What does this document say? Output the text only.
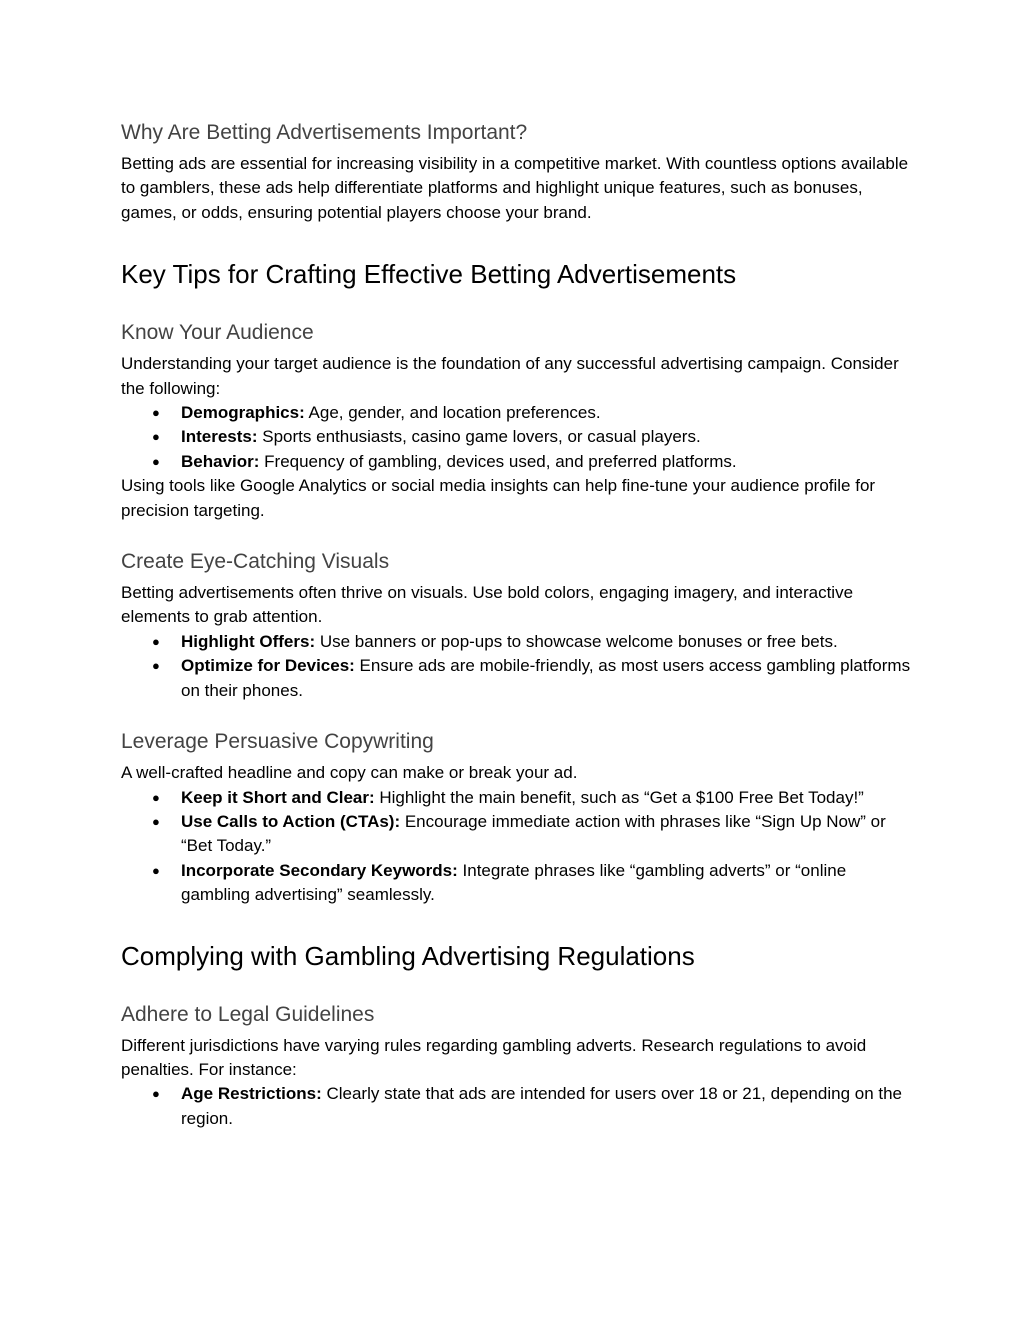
Why Are Betting Advertisements Important?

Betting ads are essential for increasing visibility in a competitive market. With countless options available to gamblers, these ads help differentiate platforms and highlight unique features, such as bonuses, games, or odds, ensuring potential players choose your brand.

Key Tips for Crafting Effective Betting Advertisements
Know Your Audience

Understanding your target audience is the foundation of any successful advertising campaign. Consider the following:

● Demographics: Age, gender, and location preferences.
● Interests: Sports enthusiasts, casino game lovers, or casual players.
● Behavior: Frequency of gambling, devices used, and preferred platforms.

Using tools like Google Analytics or social media insights can help fine-tune your audience profile for precision targeting.

Create Eye-Catching Visuals

Betting advertisements often thrive on visuals. Use bold colors, engaging imagery, and interactive elements to grab attention.

● Highlight Offers: Use banners or pop-ups to showcase welcome bonuses or free bets.
● Optimize for Devices: Ensure ads are mobile-friendly, as most users access gambling platforms on their phones.
Leverage Persuasive Copywriting

A well-crafted headline and copy can make or break your ad.

● Keep it Short and Clear: Highlight the main benefit, such as “Get a $100 Free Bet Today!”
● Use Calls to Action (CTAs): Encourage immediate action with phrases like “Sign Up Now” or “Bet Today.”
● Incorporate Secondary Keywords: Integrate phrases like “gambling adverts” or “online gambling advertising” seamlessly.
Complying with Gambling Advertising Regulations
Adhere to Legal Guidelines

Different jurisdictions have varying rules regarding gambling adverts. Research regulations to avoid penalties. For instance:

● Age Restrictions: Clearly state that ads are intended for users over 18 or 21, depending on the region.
